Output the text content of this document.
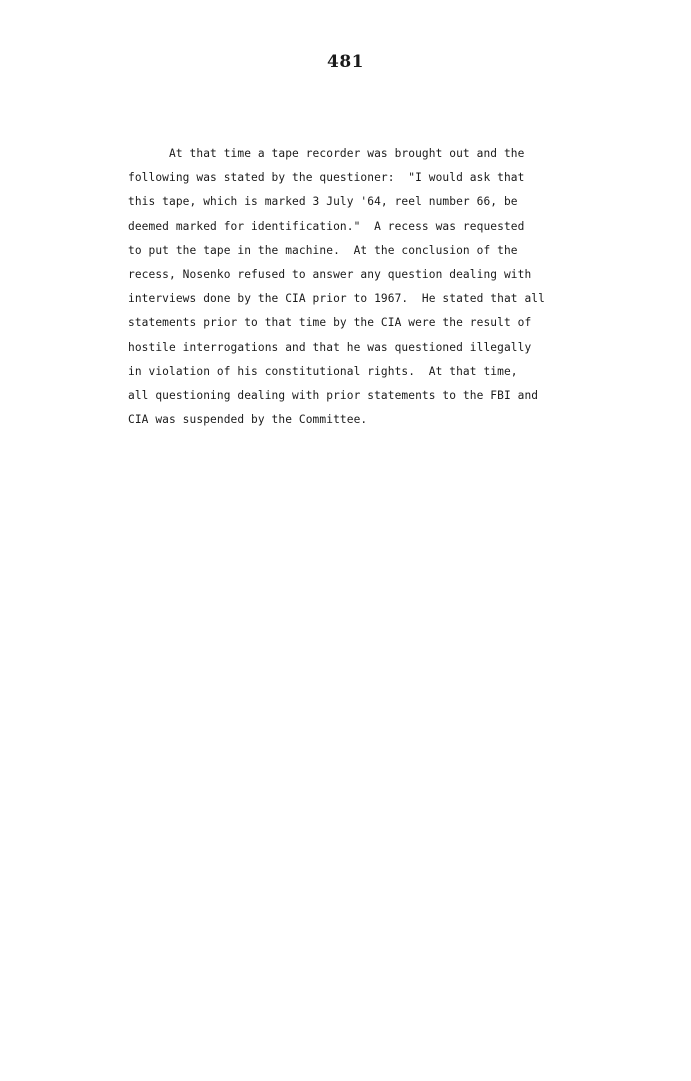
481
At that time a tape recorder was brought out and the
following was stated by the questioner:  "I would ask that
this tape, which is marked 3 July '64, reel number 66, be
deemed marked for identification."  A recess was requested
to put the tape in the machine.  At the conclusion of the
recess, Nosenko refused to answer any question dealing with
interviews done by the CIA prior to 1967.  He stated that all
statements prior to that time by the CIA were the result of
hostile interrogations and that he was questioned illegally
in violation of his constitutional rights.  At that time,
all questioning dealing with prior statements to the FBI and
CIA was suspended by the Committee.
